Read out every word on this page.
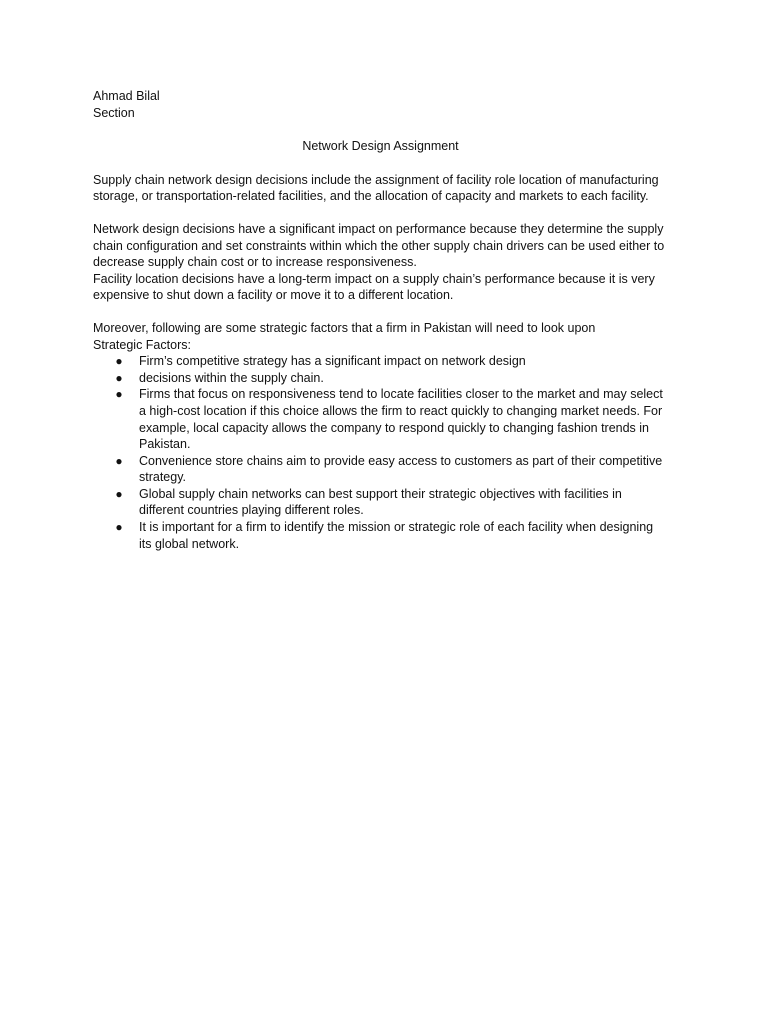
Ahmad Bilal

Section

Network Design Assignment

Supply chain network design decisions include the assignment of facility role location of manufacturing storage, or transportation-related facilities, and the allocation of capacity and markets to each facility.

Network design decisions have a significant impact on performance because they determine the supply chain configuration and set constraints within which the other supply chain drivers can be used either to decrease supply chain cost or to increase responsiveness.

Facility location decisions have a long-term impact on a supply chain’s performance because it is very expensive to shut down a facility or move it to a different location.

Moreover, following are some strategic factors that a firm in Pakistan will need to look upon

Strategic Factors:

● Firm’s competitive strategy has a significant impact on network design
● decisions within the supply chain.
● Firms that focus on responsiveness tend to locate facilities closer to the market and may select a high-cost location if this choice allows the firm to react quickly to changing market needs. For example, local capacity allows the company to respond quickly to changing fashion trends in Pakistan.
● Convenience store chains aim to provide easy access to customers as part of their competitive strategy.
● Global supply chain networks can best support their strategic objectives with facilities in different countries playing different roles.
● It is important for a firm to identify the mission or strategic role of each facility when designing its global network.
